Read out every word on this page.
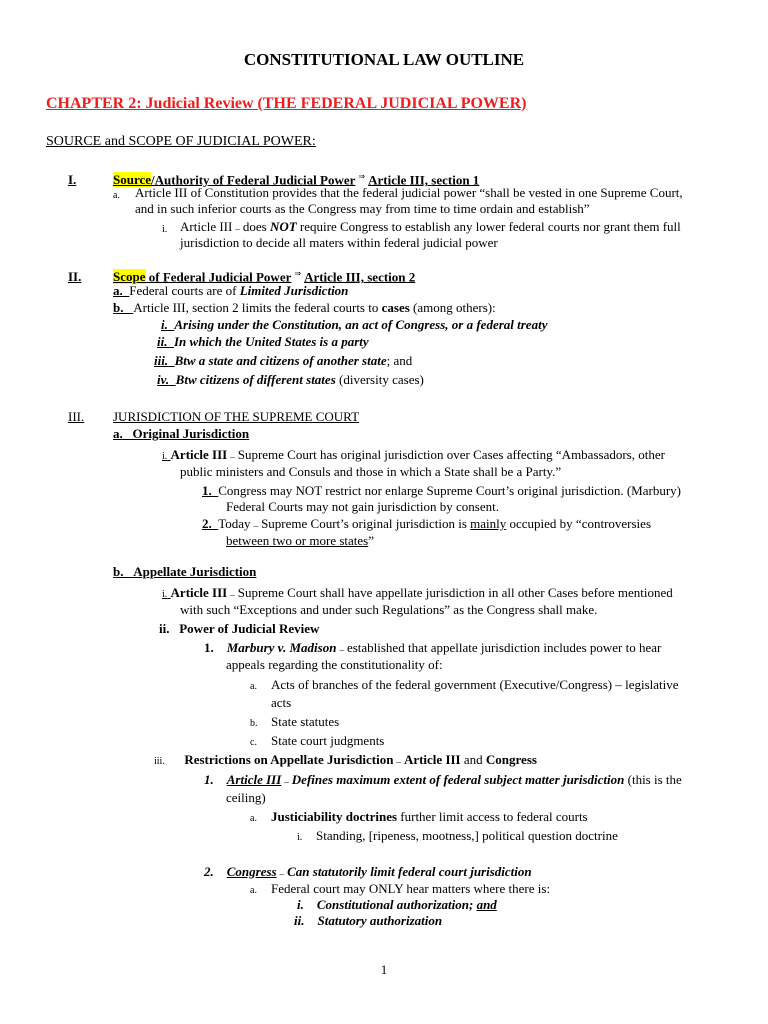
CONSTITUTIONAL LAW OUTLINE
CHAPTER 2: Judicial Review (THE FEDERAL JUDICIAL POWER)
SOURCE and SCOPE OF JUDICIAL POWER:
I.	Source/Authority of Federal Judicial Power ⇒ Article III, section 1
a. Article III of Constitution provides that the federal judicial power “shall be vested in one Supreme Court,
and in such inferior courts as the Congress may from time to time ordain and establish”
i. Article III – does NOT require Congress to establish any lower federal courts nor grant them full
jurisdiction to decide all maters within federal judicial power
II. Scope of Federal Judicial Power ⇒ Article III, section 2
a. Federal courts are of Limited Jurisdiction
b. Article III, section 2 limits the federal courts to cases (among others):
i. Arising under the Constitution, an act of Congress, or a federal treaty
ii. In which the United States is a party
iii. Btw a state and citizens of another state; and
iv. Btw citizens of different states (diversity cases)
III. JURISDICTION OF THE SUPREME COURT
a. Original Jurisdiction
i. Article III – Supreme Court has original jurisdiction over Cases affecting “Ambassadors, other
public ministers and Consuls and those in which a State shall be a Party.”
1. Congress may NOT restrict nor enlarge Supreme Court’s original jurisdiction. (Marbury)
Federal Courts may not gain jurisdiction by consent.
2. Today – Supreme Court’s original jurisdiction is mainly occupied by “controversies
between two or more states”
b. Appellate Jurisdiction
i. Article III – Supreme Court shall have appellate jurisdiction in all other Cases before mentioned
with such “Exceptions and under such Regulations” as the Congress shall make.
ii. Power of Judicial Review
1. Marbury v. Madison – established that appellate jurisdiction includes power to hear
appeals regarding the constitutionality of:
a. Acts of branches of the federal government (Executive/Congress) – legislative
acts
b. State statutes
c. State court judgments
iii. Restrictions on Appellate Jurisdiction – Article III and Congress
1. Article III – Defines maximum extent of federal subject matter jurisdiction (this is the
ceiling)
a. Justiciability doctrines further limit access to federal courts
i. Standing, [ripeness, mootness,] political question doctrine
2. Congress – Can statutorily limit federal court jurisdiction
a. Federal court may ONLY hear matters where there is:
i. Constitutional authorization; and
ii. Statutory authorization
1
